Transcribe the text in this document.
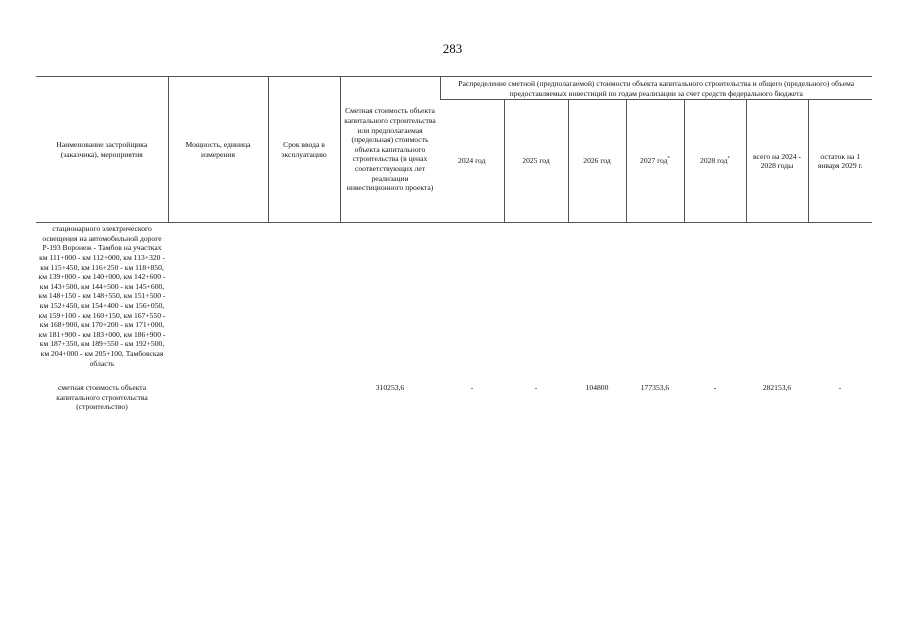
283
Наименование застройщика (заказчика), мероприятия	Мощность, единица измерения	Срок ввода в эксплуатацию	Сметная стоимость объекта капитального строительства или предполагаемая (предельная) стоимость объекта капитального строительства (в ценах соответствующих лет реализации инвестиционного проекта)	Распределение сметной (предполагаемой) стоимости объекта капитального строительства и общего (предельного) объема предоставляемых инвестиций по годам реализации за счет средств федерального бюджета						
				2024 год	2025 год	2026 год	2027 год*	2028 год*	всего на 2024 - 2028 годы	остаток на 1 января 2029 г.
стационарного электрического освещения на автомобильной дороге Р-193 Воронеж - Тамбов на участках км 111+000 - км 112+000, км 113+320 - км 115+450, км 116+250 - км 118+850, км 139+000 - км 140+000, км 142+600 - км 143+500, км 144+500 - км 145+600, км 148+150 - км 148+550, км 151+500 - км 152+450, км 154+400 - км 156+050, км 159+100 - км 160+150, км 167+550 - км 168+900, км 170+200 - км 171+000, км 181+900 - км 183+000, км 186+900 - км 187+350, км 189+550 - км 192+500, км 204+000 - км 205+100, Тамбовская область										
сметная стоимость объекта капитального строительства (строительство)			310253,6	-	-	104800	177353,6	-	282153,6	-
